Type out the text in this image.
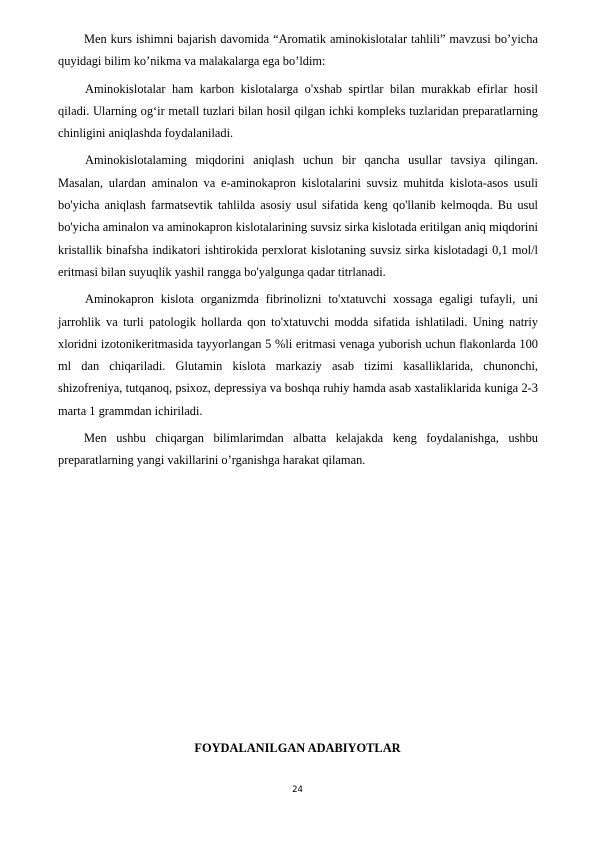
Men kurs ishimni bajarish davomida “Aromatik aminokislotalar tahlili” mavzusi bo’yicha quyidagi bilim ko’nikma va malakalarga ega bo’ldim:

Aminokislotalar ham karbon kislotalarga o'xshab spirtlar bilan murakkab efirlar hosil qiladi. Ularning og‘ir metall tuzlari bilan hosil qilgan ichki kompleks tuzlaridan preparatlarning chinligini aniqlashda foydalaniladi.

Aminokislotalaming miqdorini aniqlash uchun bir qancha usullar tavsiya qilingan. Masalan, ulardan aminalon va e-aminokapron kislotalarini suvsiz muhitda kislota-asos usuli bo'yicha aniqlash farmatsevtik tahlilda asosiy usul sifatida keng qo'llanib kelmoqda. Bu usul bo'yicha aminalon va aminokapron kislotalarining suvsiz sirka kislotada eritilgan aniq miqdorini kristallik binafsha indikatori ishtirokida perxlorat kislotaning suvsiz sirka kislotadagi 0,1 mol/l eritmasi bilan suyuqlik yashil rangga bo'yalgunga qadar titrlanadi.

Aminokapron kislota organizmda fibrinolizni to'xtatuvchi xossaga egaligi tufayli, uni jarrohlik va turli patologik hollarda qon to'xtatuvchi modda sifatida ishlatiladi. Uning natriy xloridni izotonikeritmasida tayyorlangan 5 %li eritmasi venaga yuborish uchun flakonlarda 100 ml dan chiqariladi. Glutamin kislota markaziy asab tizimi kasalliklarida, chunonchi, shizofreniya, tutqanoq, psixoz, depressiya va boshqa ruhiy hamda asab xastaliklarida kuniga 2-3 marta 1 grammdan ichiriladi.

Men ushbu chiqargan bilimlarimdan albatta kelajakda keng foydalanishga, ushbu preparatlarning yangi vakillarini o’rganishga harakat qilaman.

FOYDALANILGAN ADABIYOTLAR
24
